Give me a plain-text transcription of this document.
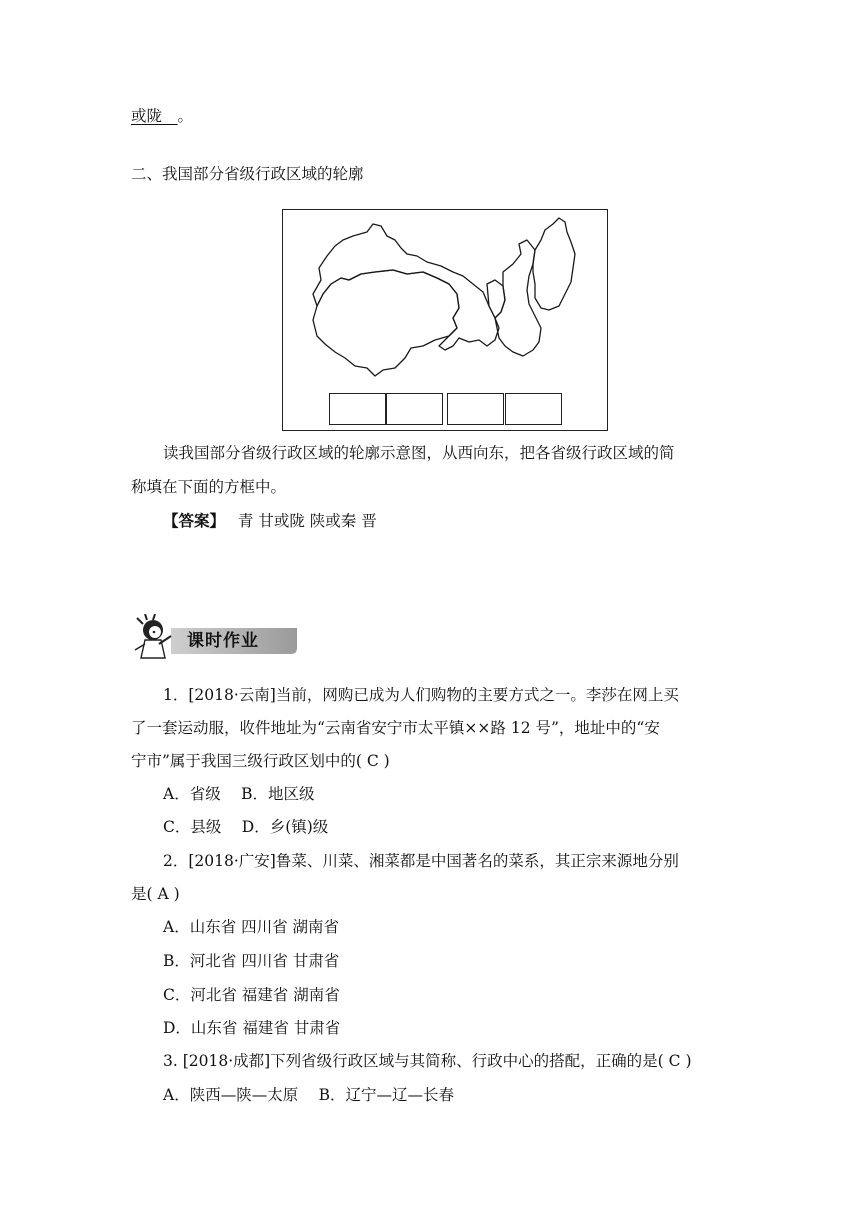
或陇　 。
二、我国部分省级行政区域的轮廓
读我国部分省级行政区域的轮廓示意图，从西向东，把各省级行政区域的简
称填在下面的方框中。
【答案】 青 甘或陇 陕或秦 晋
课时作业
1．[2018·云南]当前，网购已成为人们购物的主要方式之一。李莎在网上买
了一套运动服，收件地址为“云南省安宁市太平镇××路 12 号”，地址中的“安
宁市”属于我国三级行政区划中的( C )
A．省级　 B．地区级
C．县级　 D．乡(镇)级
2．[2018·广安]鲁菜、川菜、湘菜都是中国著名的菜系，其正宗来源地分别
是( A )
A．山东省 四川省 湖南省
B．河北省 四川省 甘肃省
C．河北省 福建省 湖南省
D．山东省 福建省 甘肃省
3. [2018·成都]下列省级行政区域与其简称、行政中心的搭配，正确的是( C )
A．陕西—陕—太原　 B．辽宁—辽—长春
